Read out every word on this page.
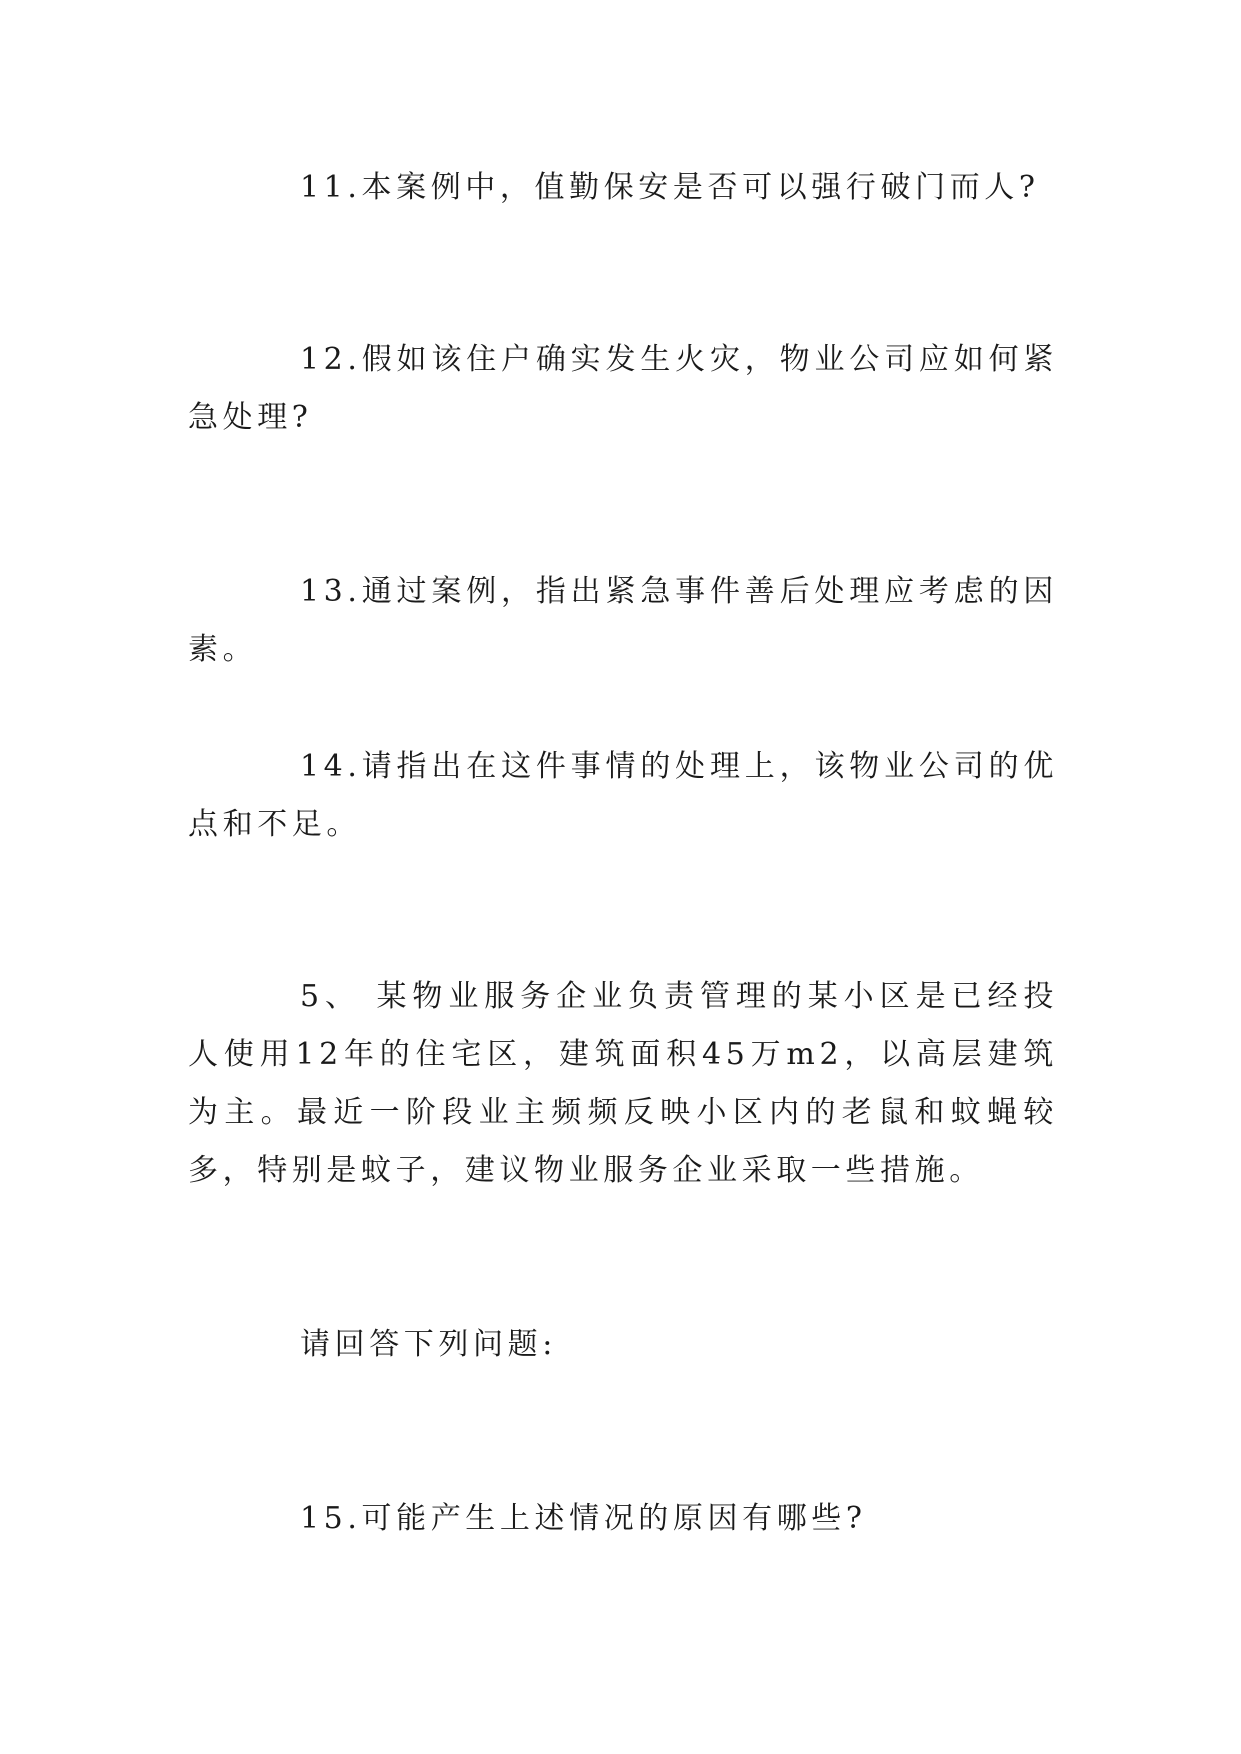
11.本案例中，值勤保安是否可以强行破门而人?

12.假如该住户确实发生火灾，物业公司应如何紧急处理?

13.通过案例，指出紧急事件善后处理应考虑的因素。

14.请指出在这件事情的处理上，该物业公司的优点和不足。

5、 某物业服务企业负责管理的某小区是已经投人使用12年的住宅区，建筑面积45万m2，以高层建筑为主。最近一阶段业主频频反映小区内的老鼠和蚊蝇较多，特别是蚊子，建议物业服务企业采取一些措施。

请回答下列问题:

15.可能产生上述情况的原因有哪些?
